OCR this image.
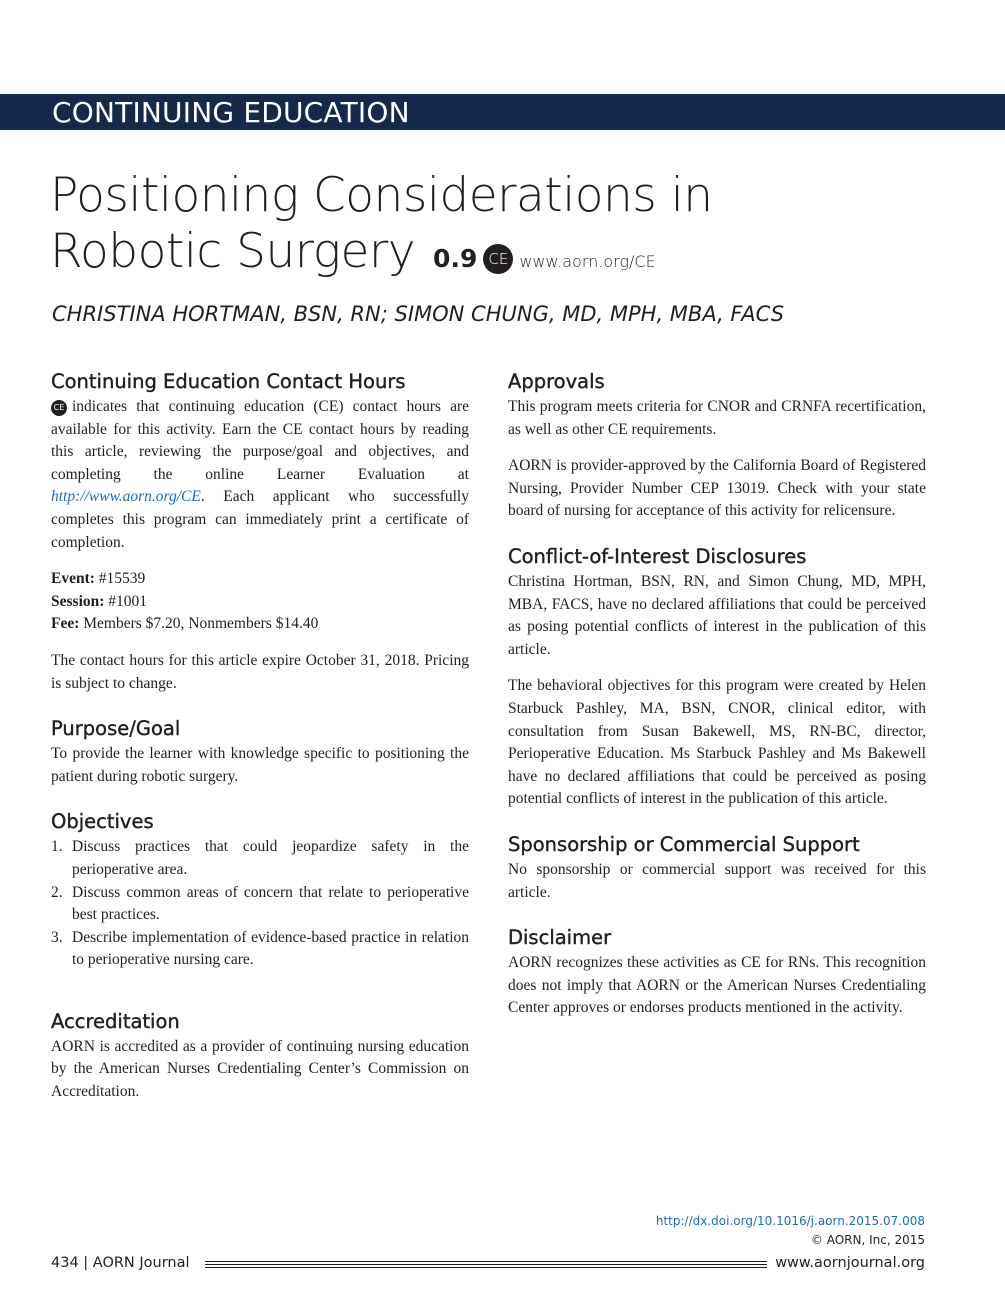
CONTINUING EDUCATION
Positioning Considerations in
Robotic Surgery 0.9 CE www.aorn.org/CE
CHRISTINA HORTMAN, BSN, RN; SIMON CHUNG, MD, MPH, MBA, FACS
Continuing Education Contact Hours

CE indicates that continuing education (CE) contact hours are available for this activity. Earn the CE contact hours by reading this article, reviewing the purpose/goal and objectives, and completing the online Learner Evaluation at http://www.aorn.org/CE. Each applicant who successfully completes this program can immediately print a certificate of completion.

Event: #15539
Session: #1001
Fee: Members $7.20, Nonmembers $14.40

The contact hours for this article expire October 31, 2018. Pricing is subject to change.

Purpose/Goal

To provide the learner with knowledge specific to positioning the patient during robotic surgery.

Objectives
1. Discuss practices that could jeopardize safety in the perioperative area.
2. Discuss common areas of concern that relate to perioperative best practices.
3. Describe implementation of evidence-based practice in relation to perioperative nursing care.
Accreditation

AORN is accredited as a provider of continuing nursing education by the American Nurses Credentialing Center’s Commission on Accreditation.

Approvals

This program meets criteria for CNOR and CRNFA recertification, as well as other CE requirements.

AORN is provider-approved by the California Board of Registered Nursing, Provider Number CEP 13019. Check with your state board of nursing for acceptance of this activity for relicensure.

Conflict-of-Interest Disclosures

Christina Hortman, BSN, RN, and Simon Chung, MD, MPH, MBA, FACS, have no declared affiliations that could be perceived as posing potential conflicts of interest in the publication of this article.

The behavioral objectives for this program were created by Helen Starbuck Pashley, MA, BSN, CNOR, clinical editor, with consultation from Susan Bakewell, MS, RN-BC, director, Perioperative Education. Ms Starbuck Pashley and Ms Bakewell have no declared affiliations that could be perceived as posing potential conflicts of interest in the publication of this article.

Sponsorship or Commercial Support

No sponsorship or commercial support was received for this article.

Disclaimer

AORN recognizes these activities as CE for RNs. This recognition does not imply that AORN or the American Nurses Credentialing Center approves or endorses products mentioned in the activity.

http://dx.doi.org/10.1016/j.aorn.2015.07.008
© AORN, Inc, 2015
434 | AORN Journal	www.aornjournal.org
